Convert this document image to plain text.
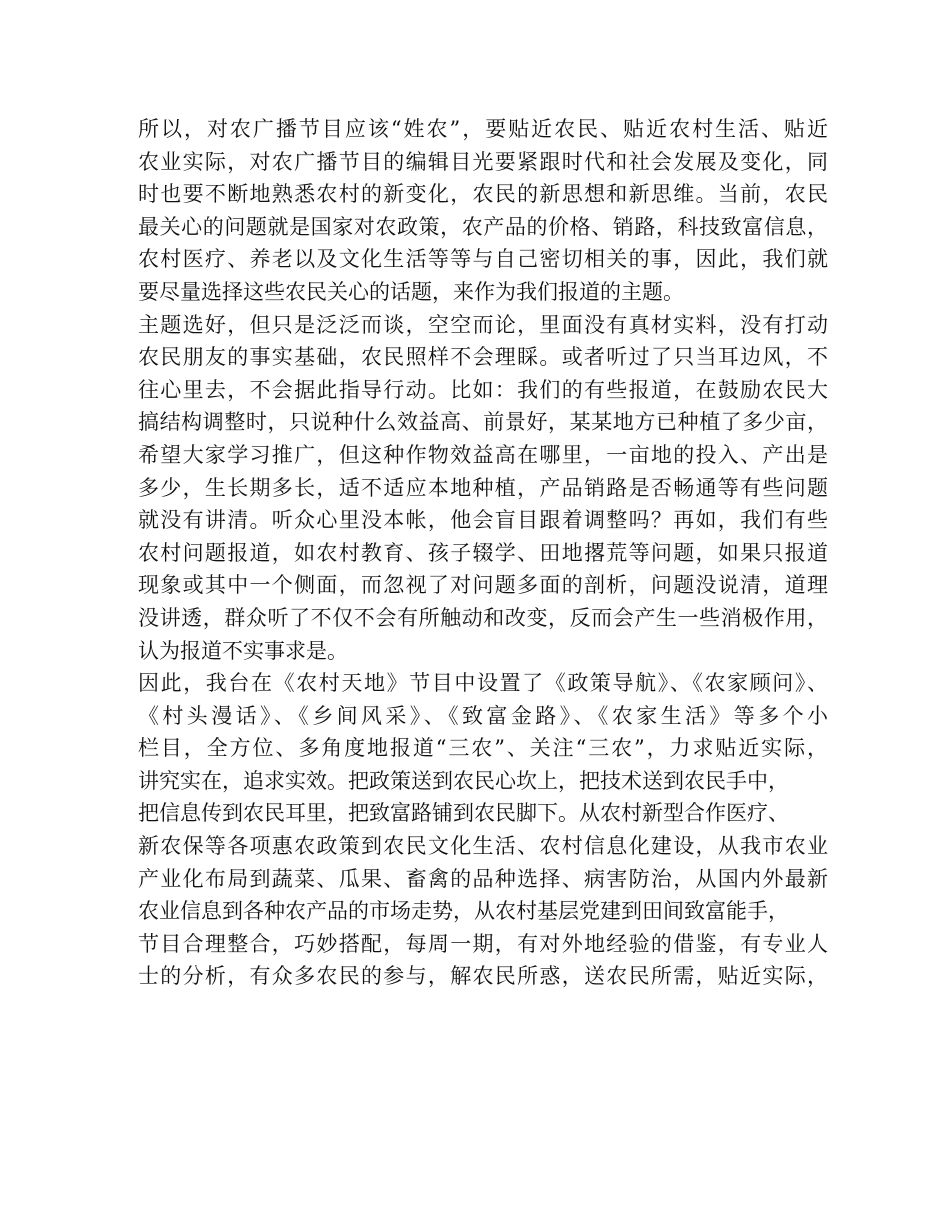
所以，对农广播节目应该“姓农”，要贴近农民、贴近农村生活、贴近
农业实际，对农广播节目的编辑目光要紧跟时代和社会发展及变化，同
时也要不断地熟悉农村的新变化，农民的新思想和新思维。当前，农民
最关心的问题就是国家对农政策，农产品的价格、销路，科技致富信息，
农村医疗、养老以及文化生活等等与自己密切相关的事，因此，我们就
要尽量选择这些农民关心的话题，来作为我们报道的主题。

主题选好，但只是泛泛而谈，空空而论，里面没有真材实料，没有打动
农民朋友的事实基础，农民照样不会理睬。或者听过了只当耳边风，不
往心里去，不会据此指导行动。比如：我们的有些报道，在鼓励农民大
搞结构调整时，只说种什么效益高、前景好，某某地方已种植了多少亩，
希望大家学习推广，但这种作物效益高在哪里，一亩地的投入、产出是
多少，生长期多长，适不适应本地种植，产品销路是否畅通等有些问题
就没有讲清。听众心里没本帐，他会盲目跟着调整吗？再如，我们有些
农村问题报道，如农村教育、孩子辍学、田地撂荒等问题，如果只报道
现象或其中一个侧面，而忽视了对问题多面的剖析，问题没说清，道理
没讲透，群众听了不仅不会有所触动和改变，反而会产生一些消极作用，
认为报道不实事求是。

因此，我台在《农村天地》节目中设置了《政策导航》、《农家顾问》、
《村头漫话》、《乡间风采》、《致富金路》、《农家生活》等多个小
栏目，全方位、多角度地报道“三农”、关注“三农”，力求贴近实际，
讲究实在，追求实效。把政策送到农民心坎上，把技术送到农民手中，
把信息传到农民耳里，把致富路铺到农民脚下。从农村新型合作医疗、
新农保等各项惠农政策到农民文化生活、农村信息化建设，从我市农业
产业化布局到蔬菜、瓜果、畜禽的品种选择、病害防治，从国内外最新
农业信息到各种农产品的市场走势，从农村基层党建到田间致富能手，
节目合理整合，巧妙搭配，每周一期，有对外地经验的借鉴，有专业人
士的分析，有众多农民的参与，解农民所惑，送农民所需，贴近实际，
